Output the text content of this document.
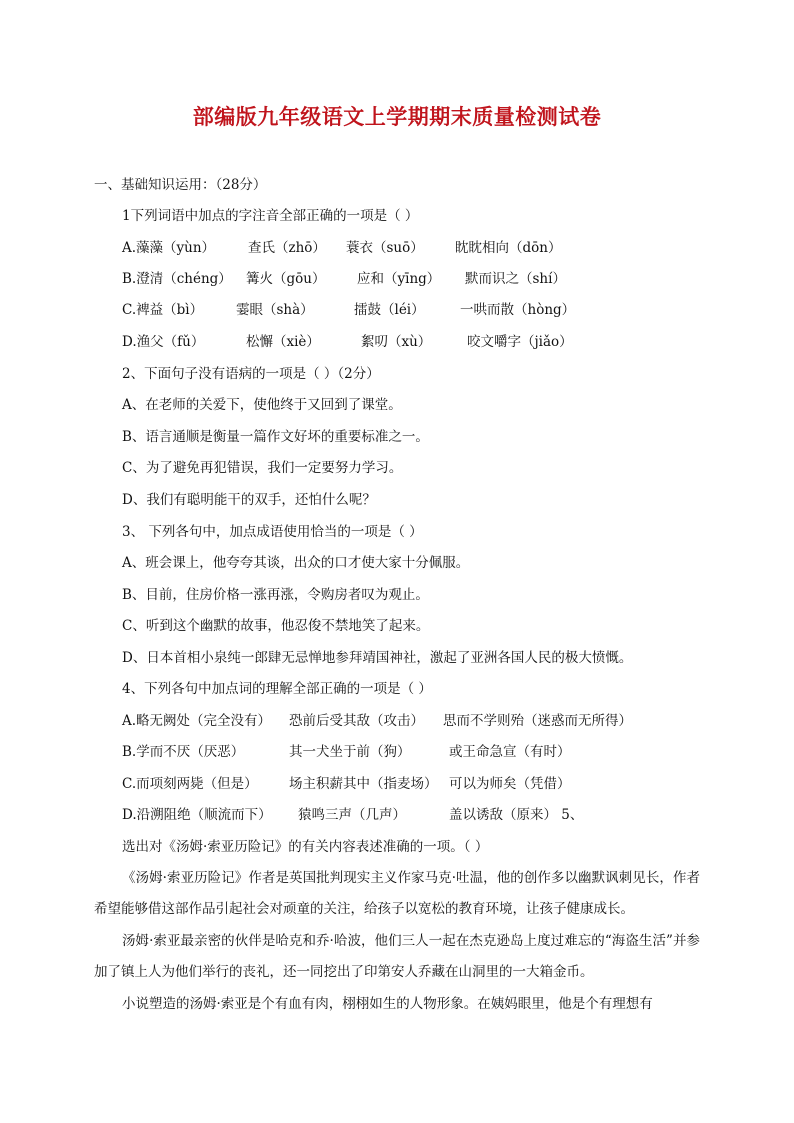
部编版九年级语文上学期期末质量检测试卷
一、基础知识运用：（28分）
1下列词语中加点的字注音全部正确的一项是（ ）
A.藻藻（yùn） 查氏（zhō） 蓑衣（suō） 眈眈相向（dōn）
B.澄清（chéng） 篝火（gōu） 应和（yīng） 默而识之（shí）
C.裨益（bì） 霎眼（shà）	擂鼓（léi）	一哄而散（hòng）
D.渔父（fǔ）	松懈（xiè）	絮叨（xù）	咬文嚼字（jiǎo）
2、下面句子没有语病的一项是（ ）（2分）
A、在老师的关爱下，使他终于又回到了课堂。
B、语言通顺是衡量一篇作文好坏的重要标准之一。
C、为了避免再犯错误，我们一定要努力学习。
D、我们有聪明能干的双手，还怕什么呢？
3、 下列各句中，加点成语使用恰当的一项是（ ）
A、班会课上，他夸夸其谈，出众的口才使大家十分佩服。
B、目前，住房价格一涨再涨，令购房者叹为观止。
C、听到这个幽默的故事，他忍俊不禁地笑了起来。
D、日本首相小泉纯一郎肆无忌惮地参拜靖国神社，激起了亚洲各国人民的极大愤慨。
4、下列各句中加点词的理解全部正确的一项是（ ）
A.略无阙处（完全没有） 恐前后受其敌（攻击） 思而不学则殆（迷惑而无所得）
B.学而不厌（厌恶）	其一犬坐于前（狗）	或王命急宣（有时）
C.而项刻两毙（但是） 场主积薪其中（指麦场） 可以为师矣（凭借）
D.沿溯阻绝（顺流而下） 猿鸣三声（几声）	盖以诱敌（原来） 5、
选出对《汤姆·索亚历险记》的有关内容表述准确的一项。（ ）
《汤姆·索亚历险记》作者是英国批判现实主义作家马克·吐温，他的创作多以幽默讽刺见长，作者希望能够借这部作品引起社会对顽童的关注，给孩子以宽松的教育环境，让孩子健康成长。
汤姆·索亚最亲密的伙伴是哈克和乔·哈波，他们三人一起在杰克逊岛上度过难忘的“海盗生活”并参加了镇上人为他们举行的丧礼，还一同挖出了印第安人乔藏在山洞里的一大箱金币。
小说塑造的汤姆·索亚是个有血有肉，栩栩如生的人物形象。在姨妈眼里，他是个有理想有
